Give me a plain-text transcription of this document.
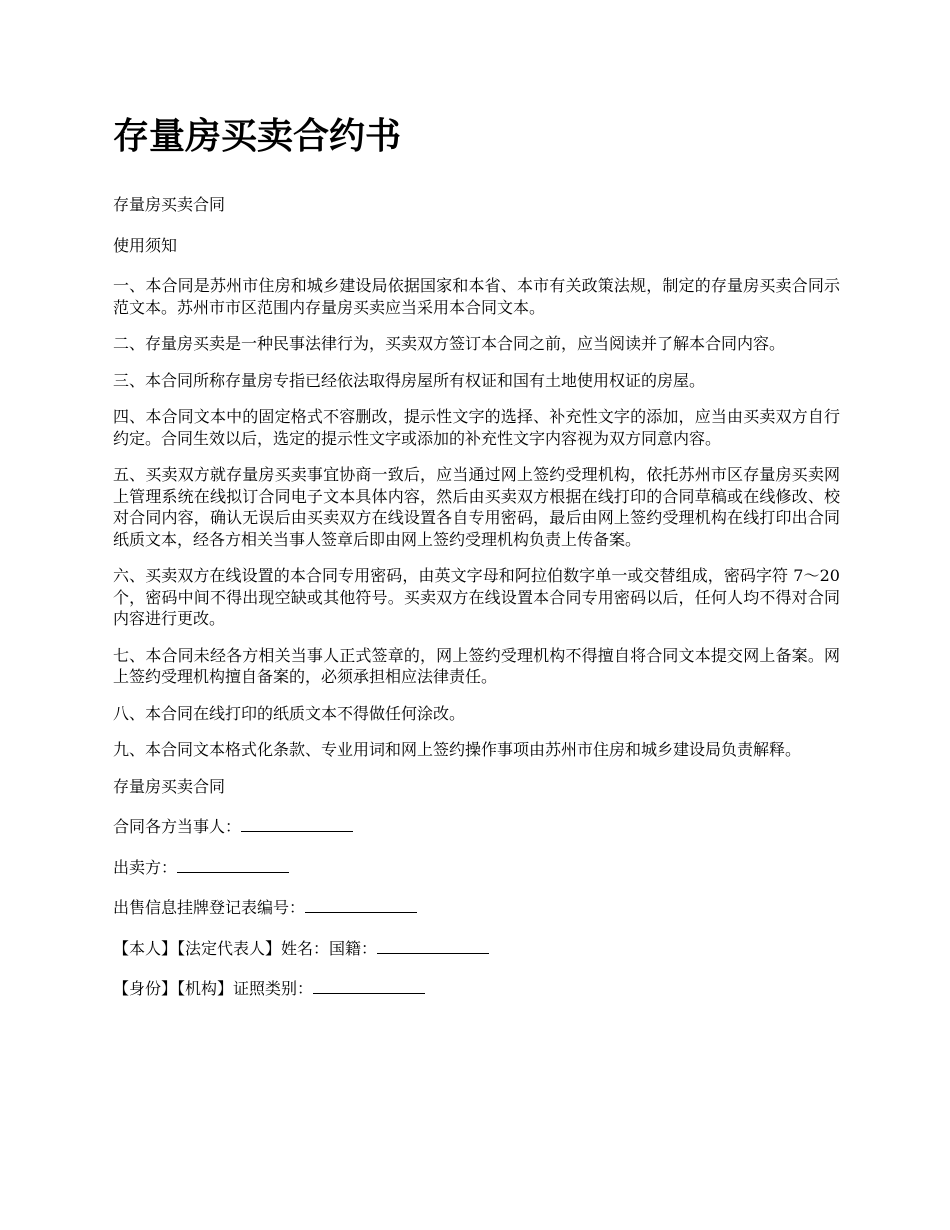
存量房买卖合约书

存量房买卖合同

使用须知

一、本合同是苏州市住房和城乡建设局依据国家和本省、本市有关政策法规，制定的存量房买卖合同示范文本。苏州市市区范围内存量房买卖应当采用本合同文本。

二、存量房买卖是一种民事法律行为，买卖双方签订本合同之前，应当阅读并了解本合同内容。

三、本合同所称存量房专指已经依法取得房屋所有权证和国有土地使用权证的房屋。

四、本合同文本中的固定格式不容删改，提示性文字的选择、补充性文字的添加，应当由买卖双方自行约定。合同生效以后，选定的提示性文字或添加的补充性文字内容视为双方同意内容。

五、买卖双方就存量房买卖事宜协商一致后，应当通过网上签约受理机构，依托苏州市区存量房买卖网上管理系统在线拟订合同电子文本具体内容，然后由买卖双方根据在线打印的合同草稿或在线修改、校对合同内容，确认无误后由买卖双方在线设置各自专用密码，最后由网上签约受理机构在线打印出合同纸质文本，经各方相关当事人签章后即由网上签约受理机构负责上传备案。

六、买卖双方在线设置的本合同专用密码，由英文字母和阿拉伯数字单一或交替组成，密码字符 7～20 个，密码中间不得出现空缺或其他符号。买卖双方在线设置本合同专用密码以后，任何人均不得对合同内容进行更改。

七、本合同未经各方相关当事人正式签章的，网上签约受理机构不得擅自将合同文本提交网上备案。网上签约受理机构擅自备案的，必须承担相应法律责任。

八、本合同在线打印的纸质文本不得做任何涂改。

九、本合同文本格式化条款、专业用词和网上签约操作事项由苏州市住房和城乡建设局负责解释。

存量房买卖合同

合同各方当事人：

出卖方：

出售信息挂牌登记表编号：

【本人】【法定代表人】姓名：国籍：

【身份】【机构】证照类别：
